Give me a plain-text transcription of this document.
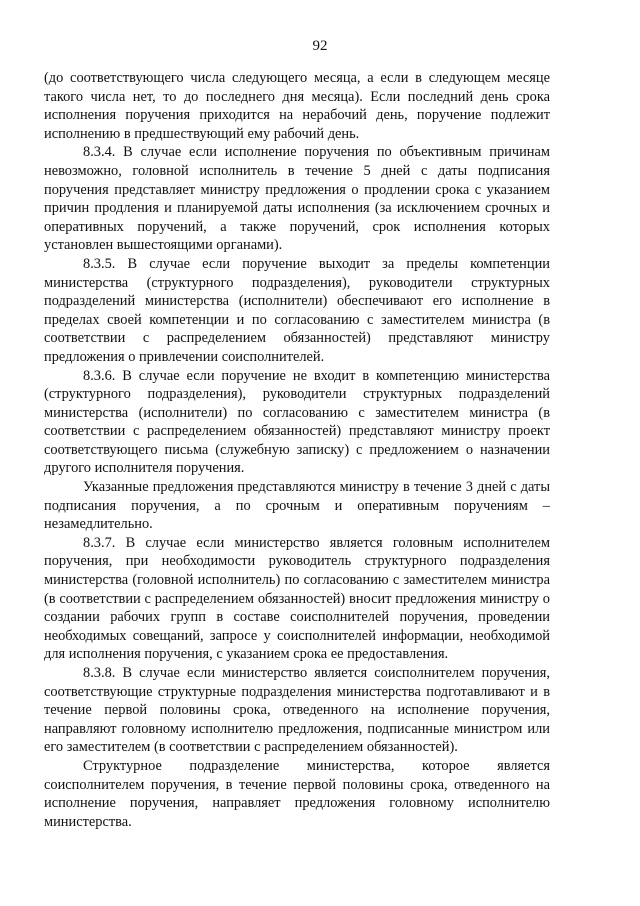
92

(до соответствующего числа следующего месяца, а если в следующем месяце такого числа нет, то до последнего дня месяца). Если последний день срока исполнения поручения приходится на нерабочий день, поручение подлежит исполнению в предшествующий ему рабочий день.

8.3.4. В случае если исполнение поручения по объективным причинам невозможно, головной исполнитель в течение 5 дней с даты подписания поручения представляет министру предложения о продлении срока с указанием причин продления и планируемой даты исполнения (за исключением срочных и оперативных поручений, а также поручений, срок исполнения которых установлен вышестоящими органами).

8.3.5. В случае если поручение выходит за пределы компетенции министерства (структурного подразделения), руководители структурных подразделений министерства (исполнители) обеспечивают его исполнение в пределах своей компетенции и по согласованию с заместителем министра (в соответствии с распределением обязанностей) представляют министру предложения о привлечении соисполнителей.

8.3.6. В случае если поручение не входит в компетенцию министерства (структурного подразделения), руководители структурных подразделений министерства (исполнители) по согласованию с заместителем министра (в соответствии с распределением обязанностей) представляют министру проект соответствующего письма (служебную записку) с предложением о назначении другого исполнителя поручения.

Указанные предложения представляются министру в течение 3 дней с даты подписания поручения, а по срочным и оперативным поручениям – незамедлительно.

8.3.7. В случае если министерство является головным исполнителем поручения, при необходимости руководитель структурного подразделения министерства (головной исполнитель) по согласованию с заместителем министра (в соответствии с распределением обязанностей) вносит предложения министру о создании рабочих групп в составе соисполнителей поручения, проведении необходимых совещаний, запросе у соисполнителей информации, необходимой для исполнения поручения, с указанием срока ее предоставления.

8.3.8. В случае если министерство является соисполнителем поручения, соответствующие структурные подразделения министерства подготавливают и в течение первой половины срока, отведенного на исполнение поручения, направляют головному исполнителю предложения, подписанные министром или его заместителем (в соответствии с распределением обязанностей).

Структурное подразделение министерства, которое является соисполнителем поручения, в течение первой половины срока, отведенного на исполнение поручения, направляет предложения головному исполнителю министерства.
